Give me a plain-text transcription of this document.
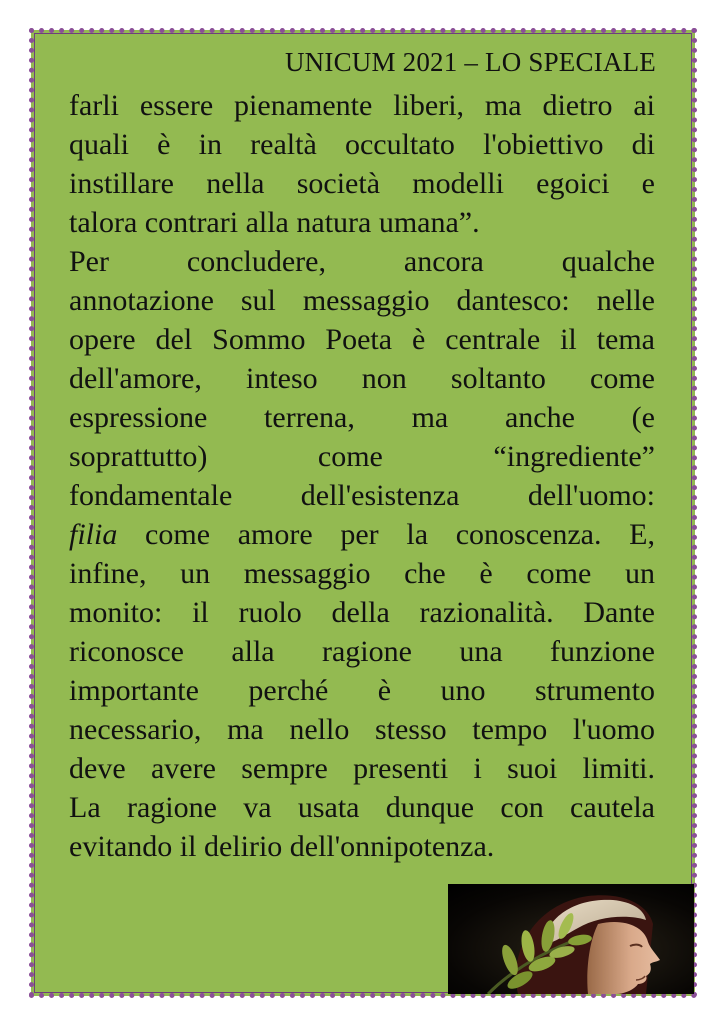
UNICUM 2021 – LO SPECIALE
farli essere pienamente liberi, ma dietro ai
quali è in realtà occultato l'obiettivo di
instillare nella società modelli egoici e
talora contrari alla natura umana”.
Per concludere, ancora qualche
annotazione sul messaggio dantesco: nelle
opere del Sommo Poeta è centrale il tema
dell'amore, inteso non soltanto come
espressione terrena, ma anche (e
soprattutto) come “ingrediente”
fondamentale dell'esistenza dell'uomo:
filia come amore per la conoscenza. E,
infine, un messaggio che è come un
monito: il ruolo della razionalità. Dante
riconosce alla ragione una funzione
importante perché è uno strumento
necessario, ma nello stesso tempo l'uomo
deve avere sempre presenti i suoi limiti.
La ragione va usata dunque con cautela
evitando il delirio dell'onnipotenza.
